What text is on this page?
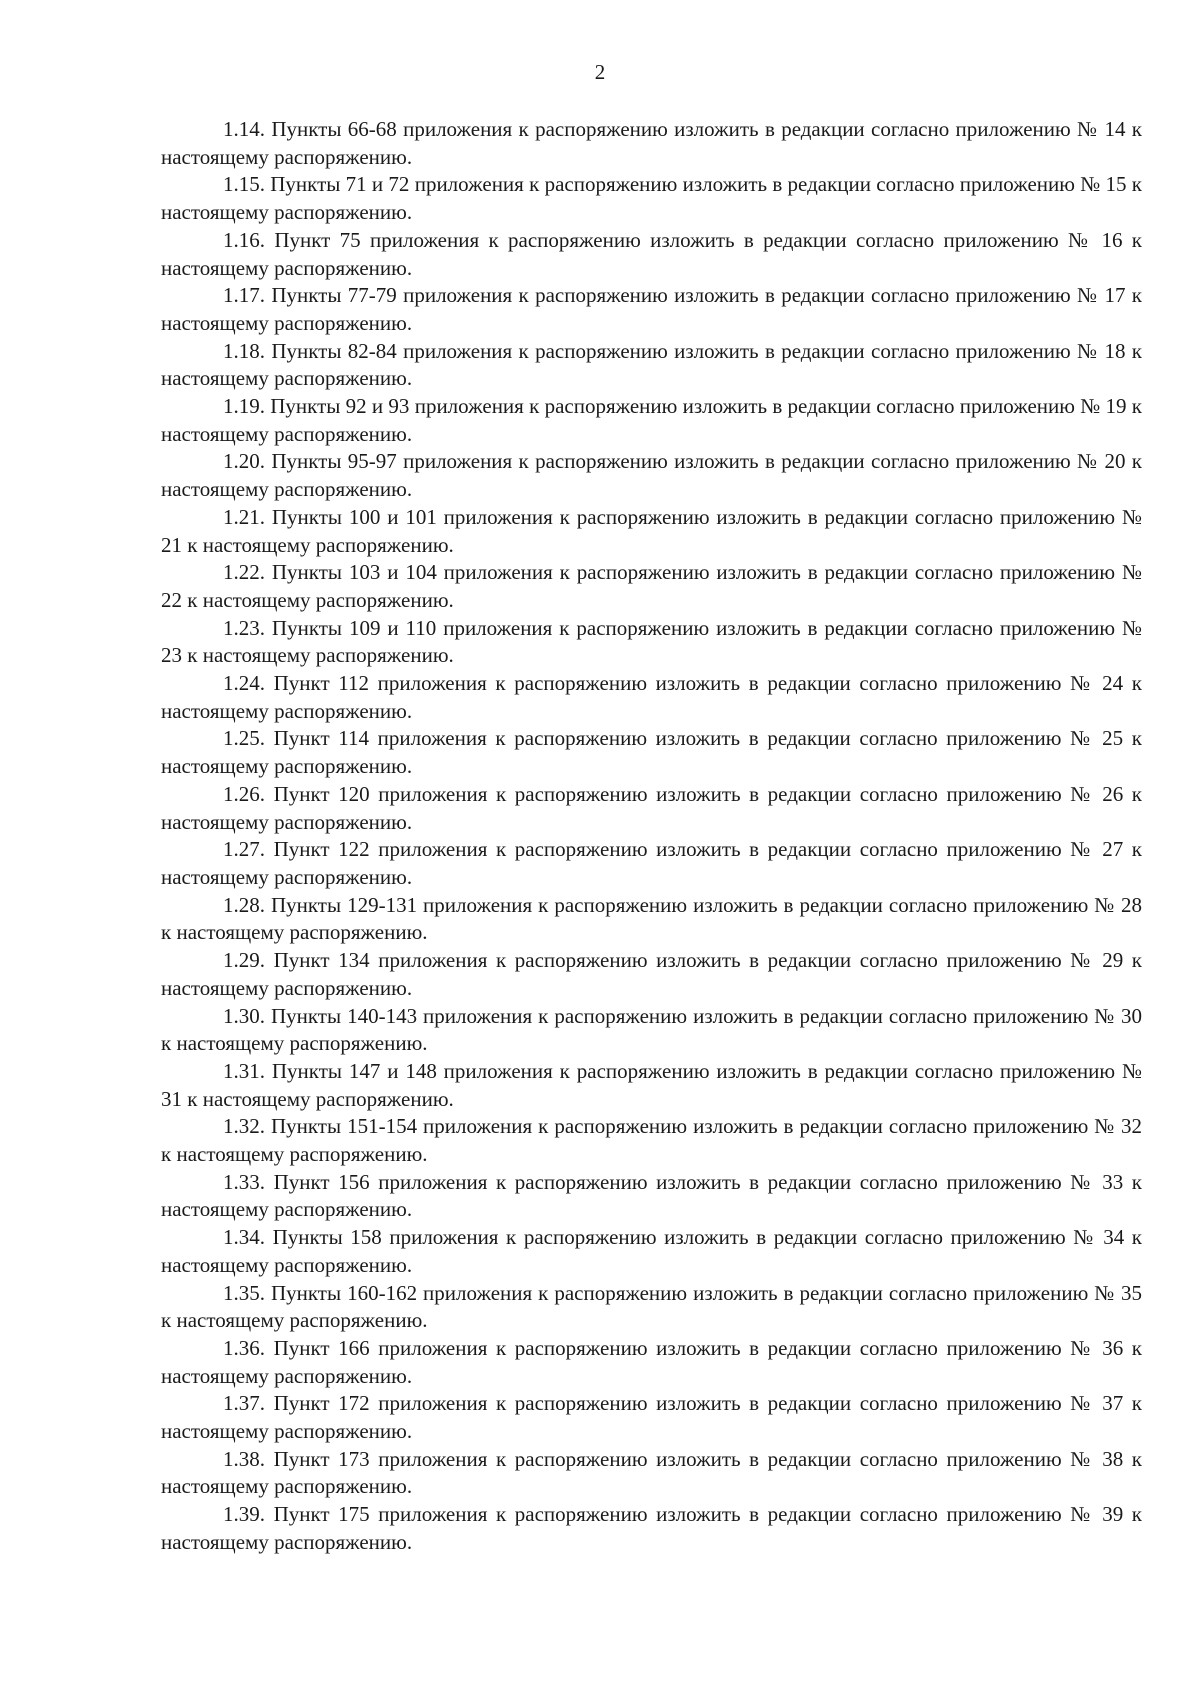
2

1.14. Пункты 66-68 приложения к распоряжению изложить в редакции согласно приложению № 14 к настоящему распоряжению.

1.15. Пункты 71 и 72 приложения к распоряжению изложить в редакции согласно приложению № 15 к настоящему распоряжению.

1.16. Пункт 75 приложения к распоряжению изложить в редакции согласно приложению № 16 к настоящему распоряжению.

1.17. Пункты 77-79 приложения к распоряжению изложить в редакции согласно приложению № 17 к настоящему распоряжению.

1.18. Пункты 82-84 приложения к распоряжению изложить в редакции согласно приложению № 18 к настоящему распоряжению.

1.19. Пункты 92 и 93 приложения к распоряжению изложить в редакции согласно приложению № 19 к настоящему распоряжению.

1.20. Пункты 95-97 приложения к распоряжению изложить в редакции согласно приложению № 20 к настоящему распоряжению.

1.21. Пункты 100 и 101 приложения к распоряжению изложить в редакции согласно приложению № 21 к настоящему распоряжению.

1.22. Пункты 103 и 104 приложения к распоряжению изложить в редакции согласно приложению № 22 к настоящему распоряжению.

1.23. Пункты 109 и 110 приложения к распоряжению изложить в редакции согласно приложению № 23 к настоящему распоряжению.

1.24. Пункт 112 приложения к распоряжению изложить в редакции согласно приложению № 24 к настоящему распоряжению.

1.25. Пункт 114 приложения к распоряжению изложить в редакции согласно приложению № 25 к настоящему распоряжению.

1.26. Пункт 120 приложения к распоряжению изложить в редакции согласно приложению № 26 к настоящему распоряжению.

1.27. Пункт 122 приложения к распоряжению изложить в редакции согласно приложению № 27 к настоящему распоряжению.

1.28. Пункты 129-131 приложения к распоряжению изложить в редакции согласно приложению № 28 к настоящему распоряжению.

1.29. Пункт 134 приложения к распоряжению изложить в редакции согласно приложению № 29 к настоящему распоряжению.

1.30. Пункты 140-143 приложения к распоряжению изложить в редакции согласно приложению № 30 к настоящему распоряжению.

1.31. Пункты 147 и 148 приложения к распоряжению изложить в редакции согласно приложению № 31 к настоящему распоряжению.

1.32. Пункты 151-154 приложения к распоряжению изложить в редакции согласно приложению № 32 к настоящему распоряжению.

1.33. Пункт 156 приложения к распоряжению изложить в редакции согласно приложению № 33 к настоящему распоряжению.

1.34. Пункты 158 приложения к распоряжению изложить в редакции согласно приложению № 34 к настоящему распоряжению.

1.35. Пункты 160-162 приложения к распоряжению изложить в редакции согласно приложению № 35 к настоящему распоряжению.

1.36. Пункт 166 приложения к распоряжению изложить в редакции согласно приложению № 36 к настоящему распоряжению.

1.37. Пункт 172 приложения к распоряжению изложить в редакции согласно приложению № 37 к настоящему распоряжению.

1.38. Пункт 173 приложения к распоряжению изложить в редакции согласно приложению № 38 к настоящему распоряжению.

1.39. Пункт 175 приложения к распоряжению изложить в редакции согласно приложению № 39 к настоящему распоряжению.
